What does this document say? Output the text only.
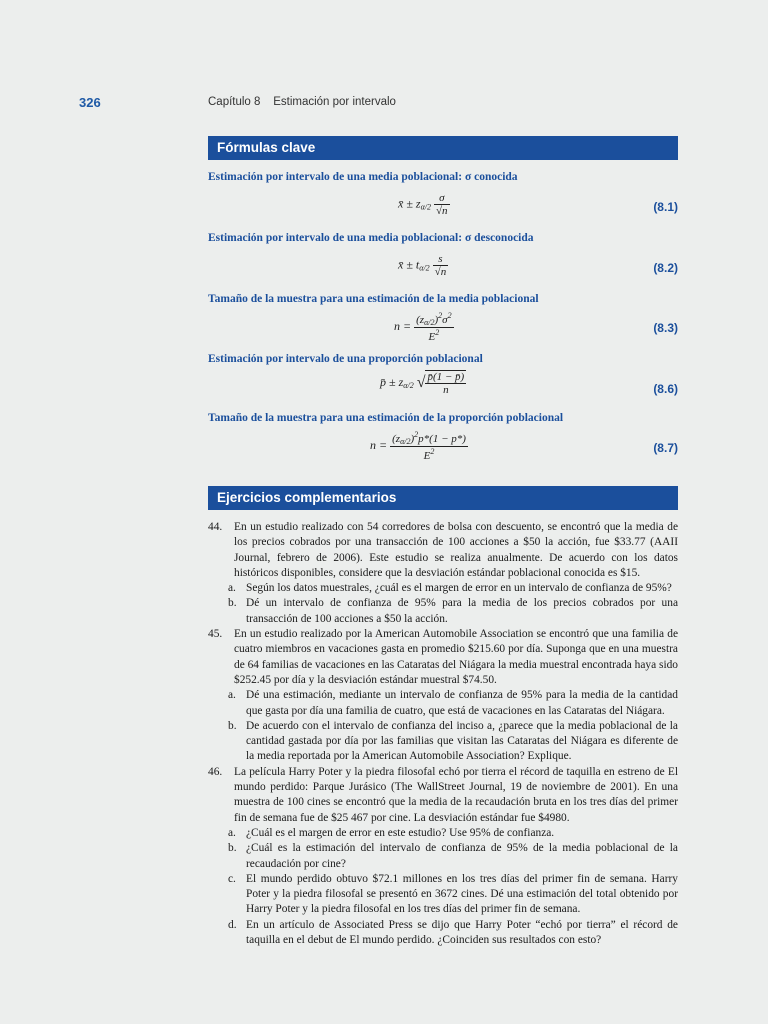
326	Capítulo 8    Estimación por intervalo
Fórmulas clave
Estimación por intervalo de una media poblacional: σ conocida
x̄ ± $z_{\alpha/2} \frac{\sigma}{√n}$	(8.1)
Estimación por intervalo de una media poblacional: σ desconocida
x̄ ± $t_{\alpha/2} \frac{s}{√n}$	(8.2)
Tamaño de la muestra para una estimación de la media poblacional
$n = \frac{(z_{\alpha/2})^2\sigma^2}{E^2}$	(8.3)
Estimación por intervalo de una proporción poblacional
p̄ ± $z_{\alpha/2}$ √ $\frac{p̄(1 - p̄)}{n}$	(8.6)
Tamaño de la muestra para una estimación de la proporción poblacional
$n = \frac{(z_{\alpha/2})^2p*(1 - p*)}{E^2}$	(8.7)
Ejercicios complementarios
44. En un estudio realizado con 54 corredores de bolsa con descuento, se encontró que la media de los precios cobrados por una transacción de 100 acciones a $50 la acción, fue $33.77 (AAII Journal, febrero de 2006). Este estudio se realiza anualmente. De acuerdo con los datos históricos disponibles, considere que la desviación estándar poblacional conocida es $15.
a. Según los datos muestrales, ¿cuál es el margen de error en un intervalo de confianza de 95%?
b. Dé un intervalo de confianza de 95% para la media de los precios cobrados por una transacción de 100 acciones a $50 la acción.
45. En un estudio realizado por la American Automobile Association se encontró que una familia de cuatro miembros en vacaciones gasta en promedio $215.60 por día. Suponga que en una muestra de 64 familias de vacaciones en las Cataratas del Niágara la media muestral encontrada haya sido $252.45 por día y la desviación estándar muestral $74.50.
a. Dé una estimación, mediante un intervalo de confianza de 95% para la media de la cantidad que gasta por día una familia de cuatro, que está de vacaciones en las Cataratas del Niágara.
b. De acuerdo con el intervalo de confianza del inciso a, ¿parece que la media poblacional de la cantidad gastada por día por las familias que visitan las Cataratas del Niágara es diferente de la media reportada por la American Automobile Association? Explique.
46. La película Harry Poter y la piedra filosofal echó por tierra el récord de taquilla en estreno de El mundo perdido: Parque Jurásico (The WallStreet Journal, 19 de noviembre de 2001). En una muestra de 100 cines se encontró que la media de la recaudación bruta en los tres días del primer fin de semana fue de $25 467 por cine. La desviación estándar fue $4980.
a. ¿Cuál es el margen de error en este estudio? Use 95% de confianza.
b. ¿Cuál es la estimación del intervalo de confianza de 95% de la media poblacional de la recaudación por cine?
c. El mundo perdido obtuvo $72.1 millones en los tres días del primer fin de semana. Harry Poter y la piedra filosofal se presentó en 3672 cines. Dé una estimación del total obtenido por Harry Poter y la piedra filosofal en los tres días del primer fin de semana.
d. En un artículo de Associated Press se dijo que Harry Poter “echó por tierra” el récord de taquilla en el debut de El mundo perdido. ¿Coinciden sus resultados con esto?
